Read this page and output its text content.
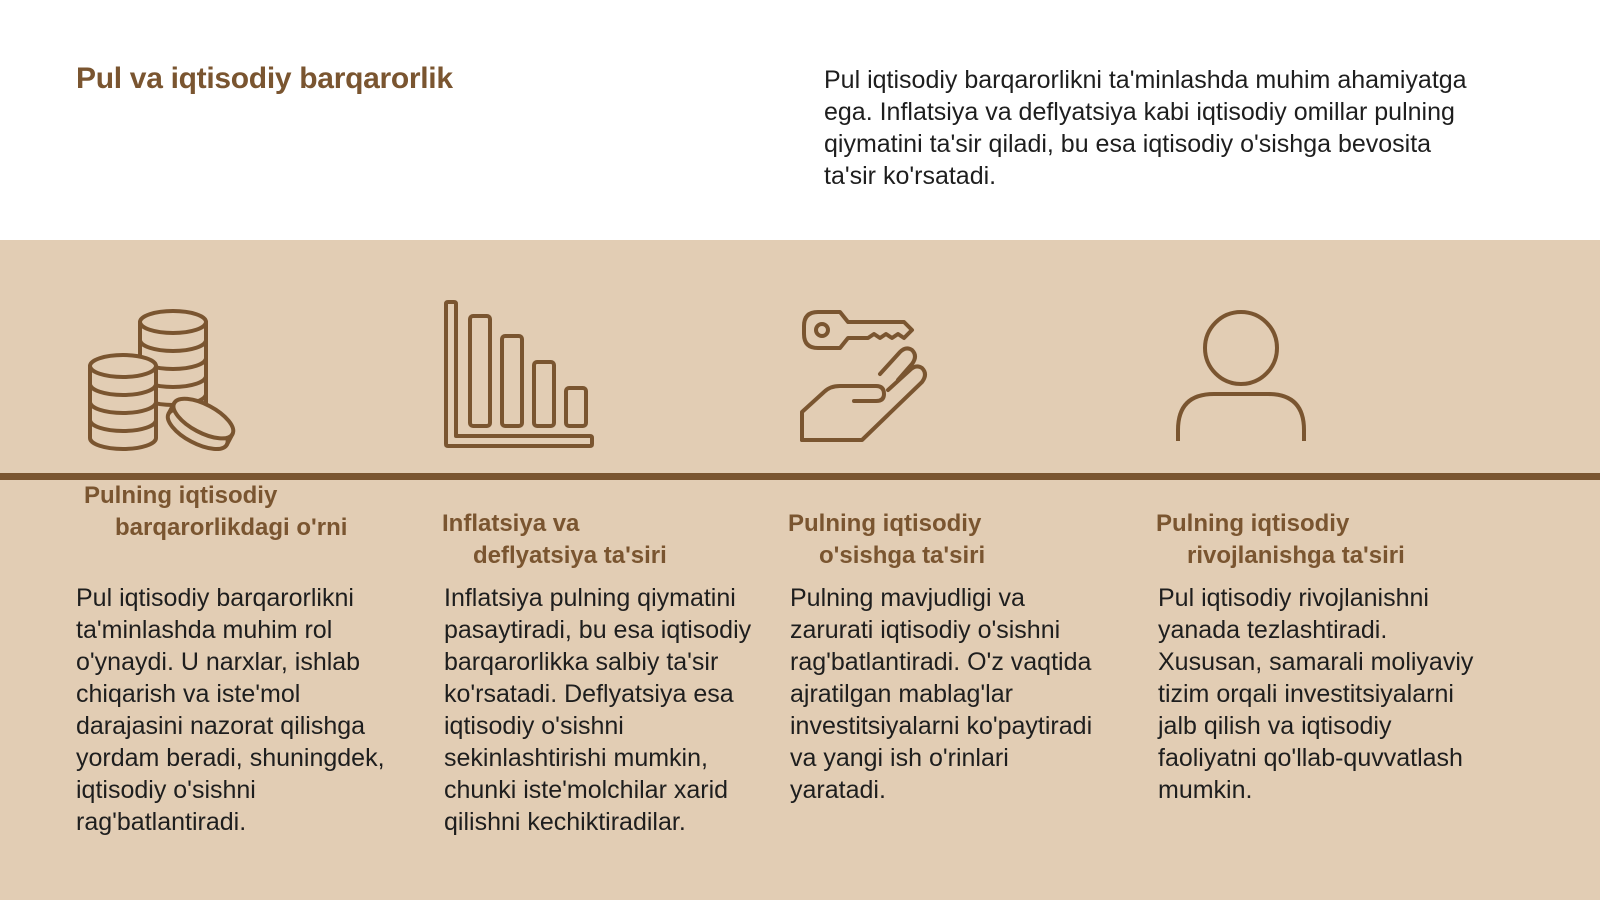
Pul va iqtisodiy barqarorlik	Pul iqtisodiy barqarorlikni ta'minlashda muhim ahamiyatga ega. Inflatsiya va deflyatsiya kabi iqtisodiy omillar pulning qiymatini ta'sir qiladi, bu esa iqtisodiy o'sishga bevosita ta'sir ko'rsatadi.
Pulning iqtisodiy
barqarorlikdagi o'rni	Inflatsiya va
deflyatsiya ta'siri
Pulning iqtisodiy
o'sishga ta'siri
Pulning iqtisodiy
rivojlanishga ta'siri
Pul iqtisodiy barqarorlikni ta'minlashda muhim rol o'ynaydi. U narxlar, ishlab chiqarish va iste'mol darajasini nazorat qilishga yordam beradi, shuningdek, iqtisodiy o'sishni rag'batlantiradi.
Inflatsiya pulning qiymatini pasaytiradi, bu esa iqtisodiy barqarorlikka salbiy ta'sir ko'rsatadi. Deflyatsiya esa iqtisodiy o'sishni sekinlashtirishi mumkin, chunki iste'molchilar xarid qilishni kechiktiradilar.
Pulning mavjudligi va zarurati iqtisodiy o'sishni rag'batlantiradi. O'z vaqtida ajratilgan mablag'lar investitsiyalarni ko'paytiradi va yangi ish o'rinlari yaratadi.
Pul iqtisodiy rivojlanishni yanada tezlashtiradi. Xususan, samarali moliyaviy tizim orqali investitsiyalarni jalb qilish va iqtisodiy faoliyatni qo'llab-quvvatlash mumkin.
